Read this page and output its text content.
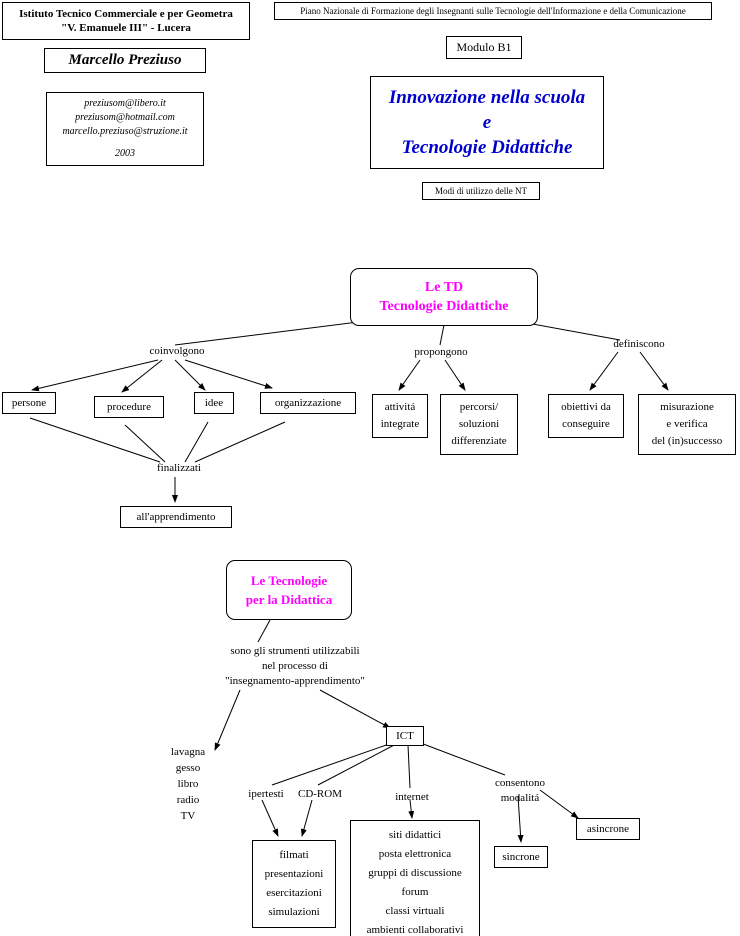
Istituto Tecnico Commerciale e per Geometra
"V. Emanuele III" - Lucera
Marcello Preziuso
preziusom@libero.it
preziusom@hotmail.com
marcello.preziuso@struzione.it
2003
Piano Nazionale di Formazione degli Insegnanti sulle Tecnologie dell'Informazione e della Comunicazione
Modulo B1
Innovazione nella scuola
e
Tecnologie Didattiche
Modi di utilizzo delle NT
Le TD
Tecnologie Didattiche
coinvolgono	propongono
definiscono
persone	procedure	idee	organizzazione	attivitá
integrate
percorsi/
soluzioni
differenziate
obiettivi da
conseguire
misurazione
e verifica
del (in)successo
finalizzati
all'apprendimento
Le Tecnologie
per la Didattica
sono gli strumenti utilizzabili
nel processo di
"insegnamento-apprendimento"
lavagna
gesso
libro
radio
TV
ICT
ipertesti	CD-ROM	internet
consentono
modalitá
filmati
presentazioni
esercitazioni
simulazioni
siti didattici
posta elettronica
gruppi di discussione
forum
classi virtuali
ambienti collaborativi
sincrone
asincrone
